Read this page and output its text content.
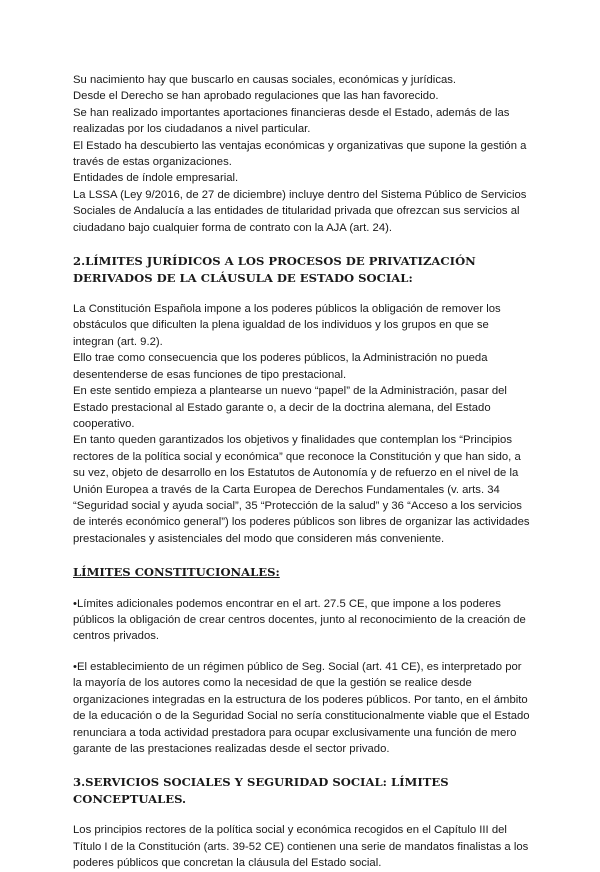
Su nacimiento hay que buscarlo en causas sociales, económicas y jurídicas.

Desde el Derecho se han aprobado regulaciones que las han favorecido.

Se han realizado importantes aportaciones financieras desde el Estado, además de las realizadas por los ciudadanos a nivel particular.

El Estado ha descubierto las ventajas económicas y organizativas que supone la gestión a través de estas organizaciones.

Entidades de índole empresarial.

La LSSA (Ley 9/2016, de 27 de diciembre) incluye dentro del Sistema Público de Servicios Sociales de Andalucía a las entidades de titularidad privada que ofrezcan sus servicios al ciudadano bajo cualquier forma de contrato con la AJA (art. 24).

2.LÍMITES JURÍDICOS A LOS PROCESOS DE PRIVATIZACIÓN DERIVADOS DE LA CLÁUSULA DE ESTADO SOCIAL:

La Constitución Española impone a los poderes públicos la obligación de remover los obstáculos que dificulten la plena igualdad de los individuos y los grupos en que se integran (art. 9.2).

Ello trae como consecuencia que los poderes públicos, la Administración no pueda desentenderse de esas funciones de tipo prestacional.

En este sentido empieza a plantearse un nuevo “papel” de la Administración, pasar del Estado prestacional al Estado garante o, a decir de la doctrina alemana, del Estado cooperativo.

En tanto queden garantizados los objetivos y finalidades que contemplan los “Principios rectores de la política social y económica” que reconoce la Constitución y que han sido, a su vez, objeto de desarrollo en los Estatutos de Autonomía y de refuerzo en el nivel de la Unión Europea a través de la Carta Europea de Derechos Fundamentales (v. arts. 34 “Seguridad social y ayuda social”, 35 “Protección de la salud” y 36 “Acceso a los servicios de interés económico general”) los poderes públicos son libres de organizar las actividades prestacionales y asistenciales del modo que consideren más conveniente.

LÍMITES CONSTITUCIONALES:

•Límites adicionales podemos encontrar en el art. 27.5 CE, que impone a los poderes públicos la obligación de crear centros docentes, junto al reconocimiento de la creación de centros privados.

•El establecimiento de un régimen público de Seg. Social (art. 41 CE), es interpretado por la mayoría de los autores como la necesidad de que la gestión se realice desde organizaciones integradas en la estructura de los poderes públicos. Por tanto, en el ámbito de la educación o de la Seguridad Social no sería constitucionalmente viable que el Estado renunciara a toda actividad prestadora para ocupar exclusivamente una función de mero garante de las prestaciones realizadas desde el sector privado.

3.SERVICIOS SOCIALES Y SEGURIDAD SOCIAL: LÍMITES CONCEPTUALES.

Los principios rectores de la política social y económica recogidos en el Capítulo III del Título I de la Constitución (arts. 39-52 CE) contienen una serie de mandatos finalistas a los poderes públicos que concretan la cláusula del Estado social.
